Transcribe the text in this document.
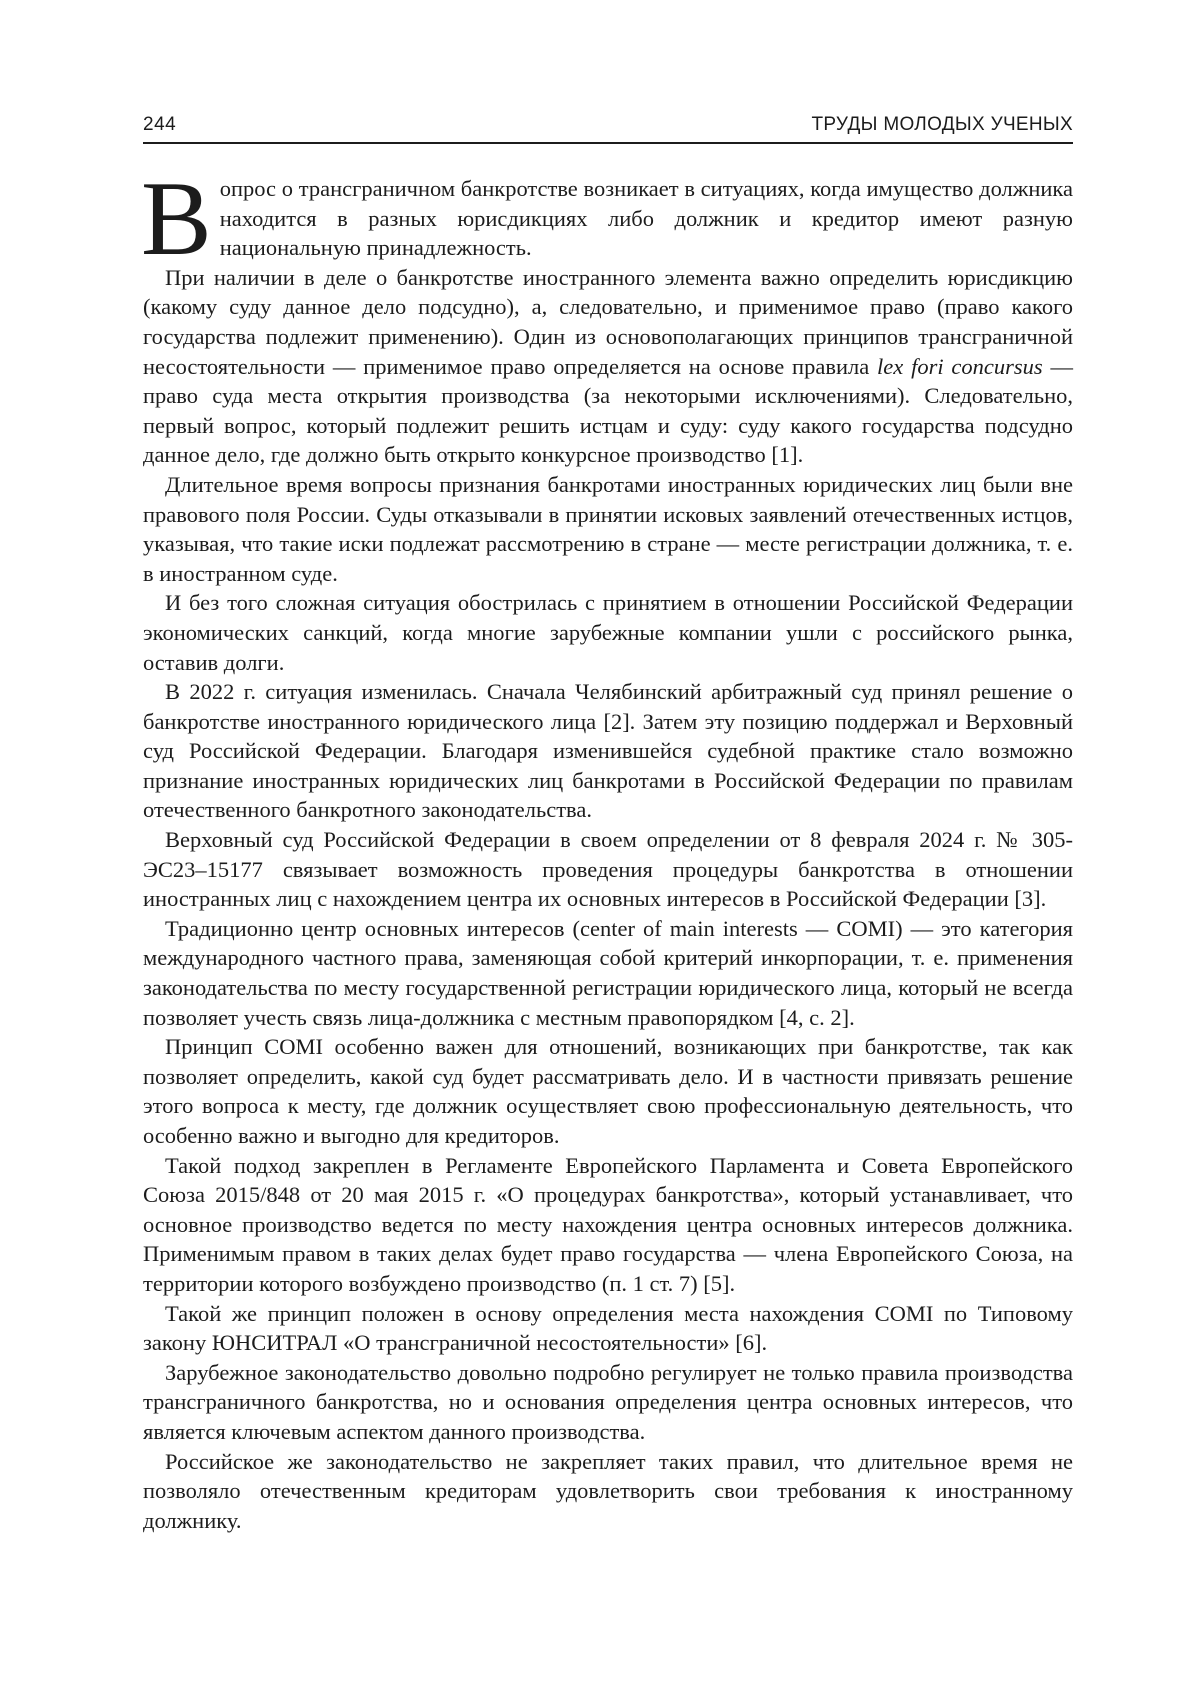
244	ТРУДЫ МОЛОДЫХ УЧЕНЫХ

Вопрос о трансграничном банкротстве возникает в ситуациях, когда имущество должника находится в разных юрисдикциях либо должник и кредитор имеют разную национальную принадлежность.

При наличии в деле о банкротстве иностранного элемента важно определить юрисдикцию (какому суду данное дело подсудно), а, следовательно, и применимое право (право какого государства подлежит применению). Один из основополагающих принципов трансграничной несостоятельности — применимое право определяется на основе правила lex fori concursus — право суда места открытия производства (за некоторыми исключениями). Следовательно, первый вопрос, который подлежит решить истцам и суду: суду какого государства подсудно данное дело, где должно быть открыто конкурсное производство [1].

Длительное время вопросы признания банкротами иностранных юридических лиц были вне правового поля России. Суды отказывали в принятии исковых заявлений отечественных истцов, указывая, что такие иски подлежат рассмотрению в стране — месте регистрации должника, т. е. в иностранном суде.

И без того сложная ситуация обострилась с принятием в отношении Российской Федерации экономических санкций, когда многие зарубежные компании ушли с российского рынка, оставив долги.

В 2022 г. ситуация изменилась. Сначала Челябинский арбитражный суд принял решение о банкротстве иностранного юридического лица [2]. Затем эту позицию поддержал и Верховный суд Российской Федерации. Благодаря изменившейся судебной практике стало возможно признание иностранных юридических лиц банкротами в Российской Федерации по правилам отечественного банкротного законодательства.

Верховный суд Российской Федерации в своем определении от 8 февраля 2024 г. № 305-ЭС23–15177 связывает возможность проведения процедуры банкротства в отношении иностранных лиц с нахождением центра их основных интересов в Российской Федерации [3].

Традиционно центр основных интересов (center of main interests — COMI) — это категория международного частного права, заменяющая собой критерий инкорпорации, т. е. применения законодательства по месту государственной регистрации юридического лица, который не всегда позволяет учесть связь лица-должника с местным правопорядком [4, с. 2].

Принцип COMI особенно важен для отношений, возникающих при банкротстве, так как позволяет определить, какой суд будет рассматривать дело. И в частности привязать решение этого вопроса к месту, где должник осуществляет свою профессиональную деятельность, что особенно важно и выгодно для кредиторов.

Такой подход закреплен в Регламенте Европейского Парламента и Совета Европейского Союза 2015/848 от 20 мая 2015 г. «О процедурах банкротства», который устанавливает, что основное производство ведется по месту нахождения центра основных интересов должника. Применимым правом в таких делах будет право государства — члена Европейского Союза, на территории которого возбуждено производство (п. 1 ст. 7) [5].

Такой же принцип положен в основу определения места нахождения COMI по Типовому закону ЮНСИТРАЛ «О трансграничной несостоятельности» [6].

Зарубежное законодательство довольно подробно регулирует не только правила производства трансграничного банкротства, но и основания определения центра основных интересов, что является ключевым аспектом данного производства.

Российское же законодательство не закрепляет таких правил, что длительное время не позволяло отечественным кредиторам удовлетворить свои требования к иностранному должнику.
